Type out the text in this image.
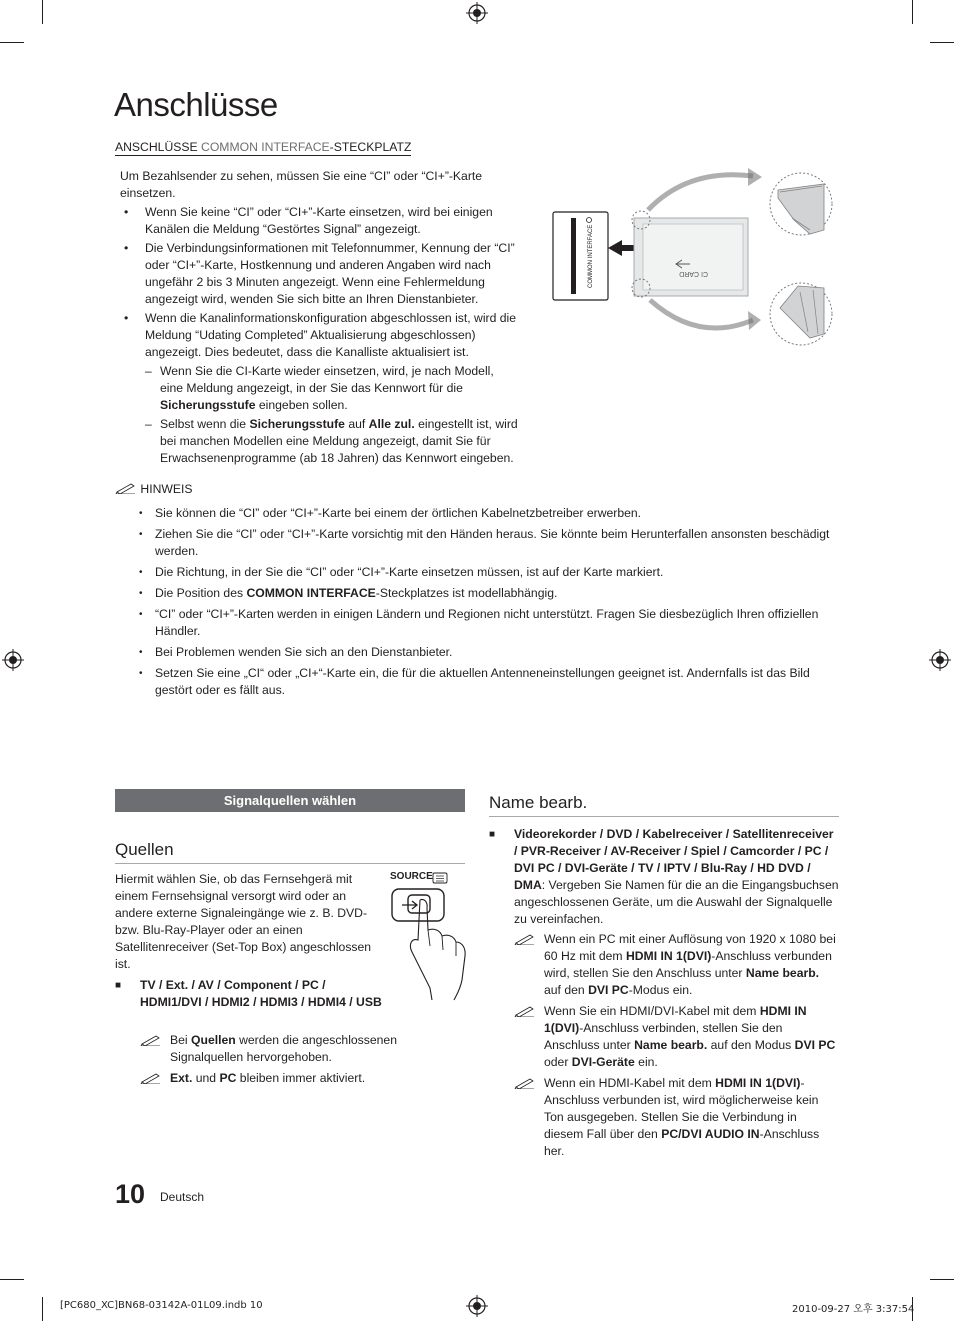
Anschlüsse
ANSCHLÜSSE COMMON INTERFACE-STECKPLATZ

Um Bezahlsender zu sehen, müssen Sie eine “CI” oder “CI+”-Karte einsetzen.

• Wenn Sie keine “CI” oder “CI+”-Karte einsetzen, wird bei einigen Kanälen die Meldung “Gestörtes Signal” angezeigt.
• Die Verbindungsinformationen mit Telefonnummer, Kennung der “CI” oder “CI+”-Karte, Hostkennung und anderen Angaben wird nach ungefähr 2 bis 3 Minuten angezeigt. Wenn eine Fehlermeldung angezeigt wird, wenden Sie sich bitte an Ihren Dienstanbieter.
• Wenn die Kanalinformationskonfiguration abgeschlossen ist, wird die Meldung “Udating Completed” Aktualisierung abgeschlossen) angezeigt. Dies bedeutet, dass die Kanalliste aktualisiert ist.
– Wenn Sie die CI-Karte wieder einsetzen, wird, je nach Modell, eine Meldung angezeigt, in der Sie das Kennwort für die Sicherungsstufe eingeben sollen.
– Selbst wenn die Sicherungsstufe auf Alle zul. eingestellt ist, wird bei manchen Modellen eine Meldung angezeigt, damit Sie für Erwachsenenprogramme (ab 18 Jahren) das Kennwort eingeben.
COMMON INTERFACE	CI CARD
HINWEIS
• Sie können die “CI” oder “CI+”-Karte bei einem der örtlichen Kabelnetzbetreiber erwerben.
• Ziehen Sie die “CI” oder “CI+”-Karte vorsichtig mit den Händen heraus. Sie könnte beim Herunterfallen ansonsten beschädigt werden.
• Die Richtung, in der Sie die “CI” oder “CI+”-Karte einsetzen müssen, ist auf der Karte markiert.
• Die Position des COMMON INTERFACE-Steckplatzes ist modellabhängig.
• “CI” oder “CI+”-Karten werden in einigen Ländern und Regionen nicht unterstützt. Fragen Sie diesbezüglich Ihren offiziellen Händler.
• Bei Problemen wenden Sie sich an den Dienstanbieter.
• Setzen Sie eine „CI“ oder „CI+“-Karte ein, die für die aktuellen Antenneneinstellungen geeignet ist. Andernfalls ist das Bild gestört oder es fällt aus.
Signalquellen wählen
Quellen

Hiermit wählen Sie, ob das Fernsehgerä mit einem Fernsehsignal versorgt wird oder an andere externe Signaleingänge wie z. B. DVD- bzw. Blu-Ray-Player oder an einen Satellitenreceiver (Set-Top Box) angeschlossen ist.

SOURCE
■ TV / Ext. / AV / Component / PC / HDMI1/DVI / HDMI2 / HDMI3 / HDMI4 / USB
Bei Quellen werden die angeschlossenen Signalquellen hervorgehoben.
Ext. und PC bleiben immer aktiviert.
Name bearb.
■ Videorekorder / DVD / Kabelreceiver / Satellitenreceiver / PVR-Receiver / AV-Receiver / Spiel / Camcorder / PC / DVI PC / DVI-Geräte / TV / IPTV / Blu-Ray / HD DVD / DMA: Vergeben Sie Namen für die an die Eingangsbuchsen angeschlossenen Geräte, um die Auswahl der Signalquelle zu vereinfachen.
Wenn ein PC mit einer Auflösung von 1920 x 1080 bei 60 Hz mit dem HDMI IN 1(DVI)-Anschluss verbunden wird, stellen Sie den Anschluss unter Name bearb. auf den DVI PC-Modus ein.
Wenn Sie ein HDMI/DVI-Kabel mit dem HDMI IN 1(DVI)-Anschluss verbinden, stellen Sie den Anschluss unter Name bearb. auf den Modus DVI PC oder DVI-Geräte ein.
Wenn ein HDMI-Kabel mit dem HDMI IN 1(DVI)-Anschluss verbunden ist, wird möglicherweise kein Ton ausgegeben. Stellen Sie die Verbindung in diesem Fall über den PC/DVI AUDIO IN-Anschluss her.
10 Deutsch
[PC680_XC]BN68-03142A-01L09.indb 10	2010-09-27 오후 3:37:54
